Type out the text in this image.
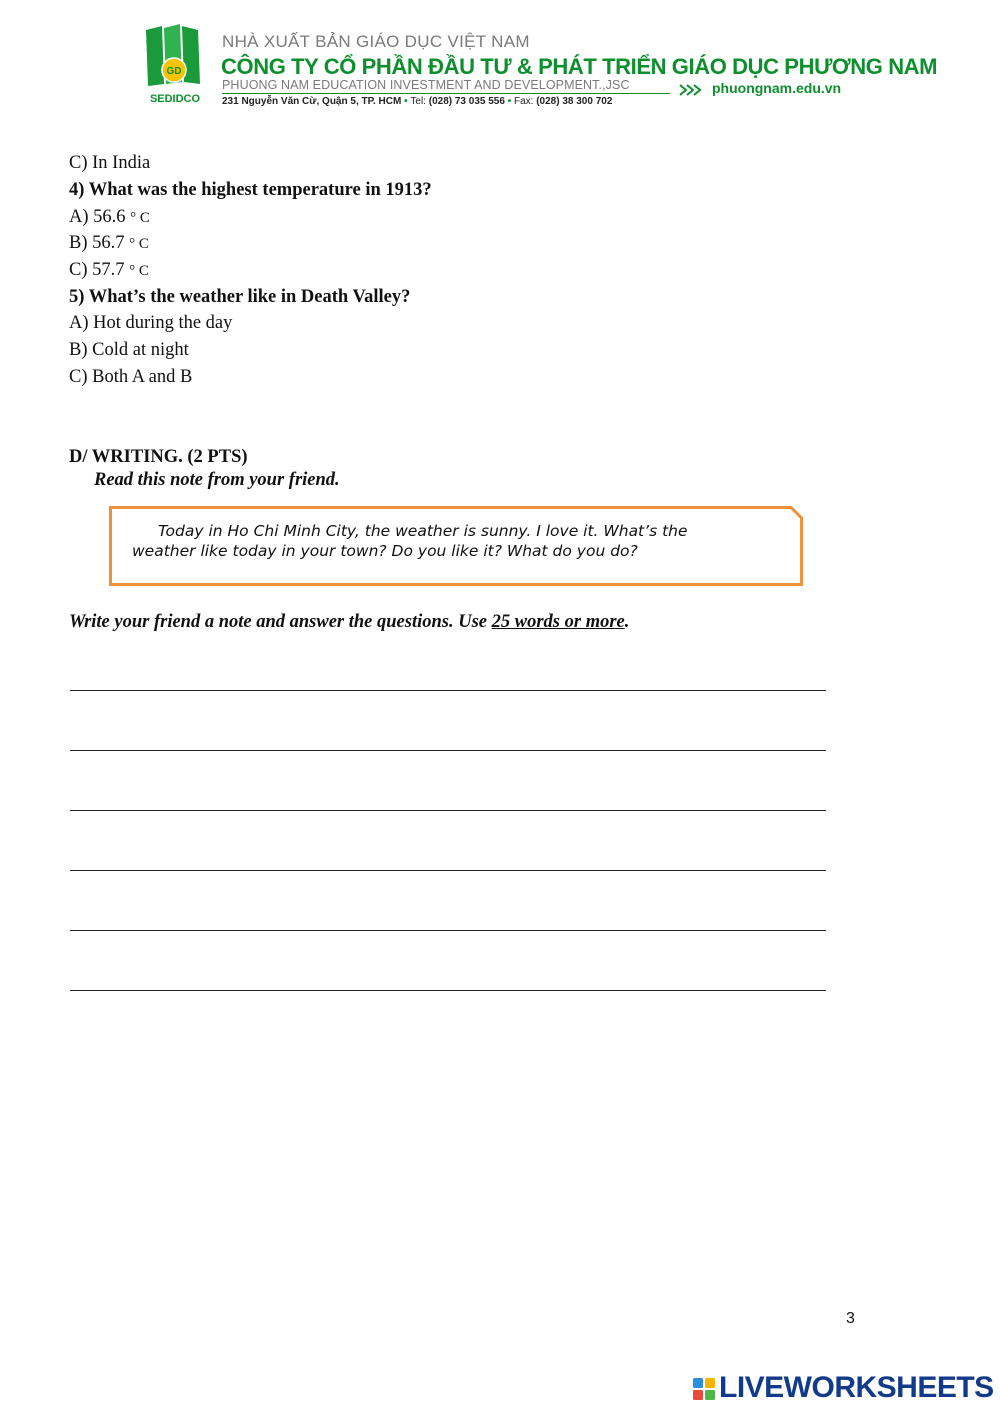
GD
SEDIDCO
NHÀ XUẤT BẢN GIÁO DỤC VIỆT NAM
CÔNG TY CỔ PHẦN ĐẦU TƯ & PHÁT TRIỂN GIÁO DỤC PHƯƠNG NAM
PHUONG NAM EDUCATION INVESTMENT AND DEVELOPMENT.,JSC
231 Nguyễn Văn Cừ, Quận 5, TP. HCM • Tel: (028) 73 035 556 • Fax: (028) 38 300 702
phuongnam.edu.vn
C) In India
4) What was the highest temperature in 1913?
A) 56.6 ° C
B) 56.7 ° C
C) 57.7 ° C
5) What’s the weather like in Death Valley?
A) Hot during the day
B) Cold at night
C) Both A and B
D/ WRITING. (2 PTS)
Read this note from your friend.
Today in Ho Chi Minh City, the weather is sunny. I love it. What’s the
weather like today in your town? Do you like it? What do you do?
Write your friend a note and answer the questions. Use 25 words or more.
3
LIVEWORKSHEETS
